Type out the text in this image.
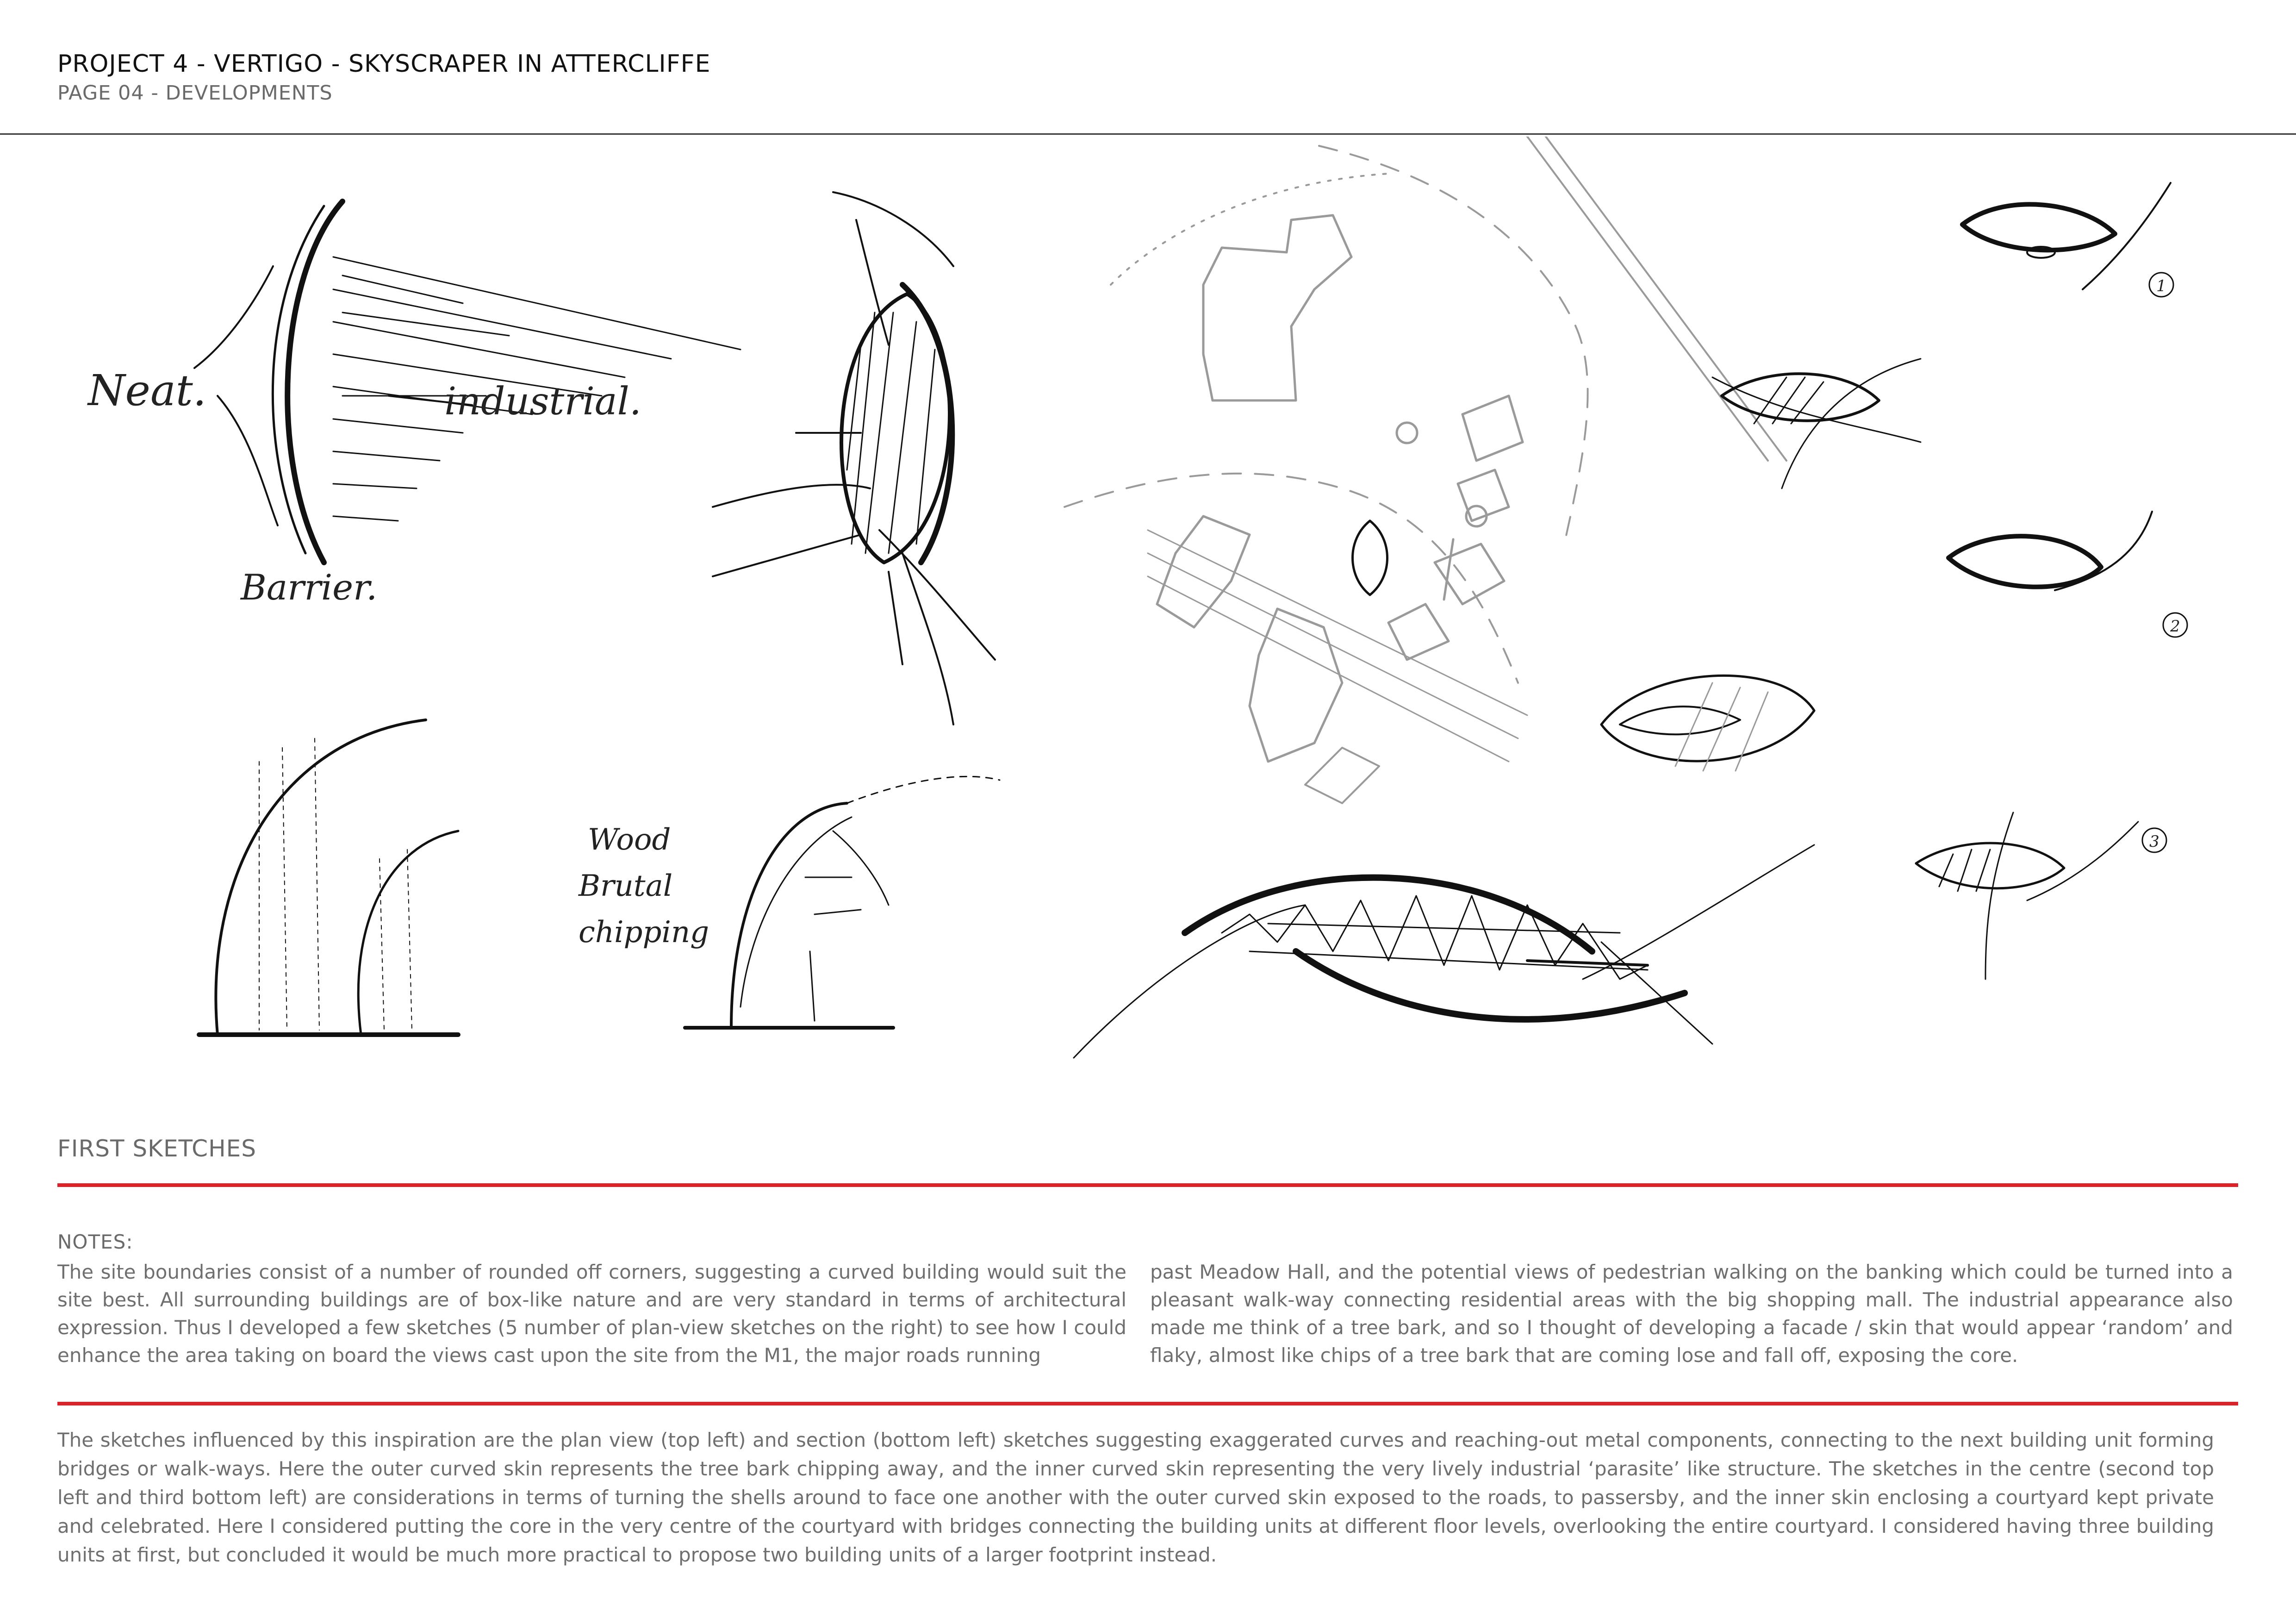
PROJECT 4 - VERTIGO - SKYSCRAPER IN ATTERCLIFFE
PAGE 04 - DEVELOPMENTS
Neat.	industrial.
Barrier.
1
2
3
Wood
Brutal
chipping
FIRST SKETCHES
NOTES:
The site boundaries consist of a number of rounded off corners, suggesting a curved building would suit the site best. All surrounding buildings are of box-like nature and are very standard in terms of architectural expression. Thus I developed a few sketches (5 number of plan-view sketches on the right) to see how I could enhance the area taking on board the views cast upon the site from the M1, the major roads running
past Meadow Hall, and the potential views of pedestrian walking on the banking which could be turned into a pleasant walk-way connecting residential areas with the big shopping mall. The industrial appearance also made me think of a tree bark, and so I thought of developing a facade / skin that would appear ‘random’ and flaky, almost like chips of a tree bark that are coming lose and fall off, exposing the core.
The sketches influenced by this inspiration are the plan view (top left) and section (bottom left) sketches suggesting exaggerated curves and reaching-out metal components, connecting to the next building unit forming bridges or walk-ways. Here the outer curved skin represents the tree bark chipping away, and the inner curved skin representing the very lively industrial ‘parasite’ like structure. The sketches in the centre (second top left and third bottom left) are considerations in terms of turning the shells around to face one another with the outer curved skin exposed to the roads, to passersby, and the inner skin enclosing a courtyard kept private and celebrated. Here I considered putting the core in the very centre of the courtyard with bridges connecting the building units at different floor levels, overlooking the entire courtyard. I considered having three building units at first, but concluded it would be much more practical to propose two building units of a larger footprint instead.
